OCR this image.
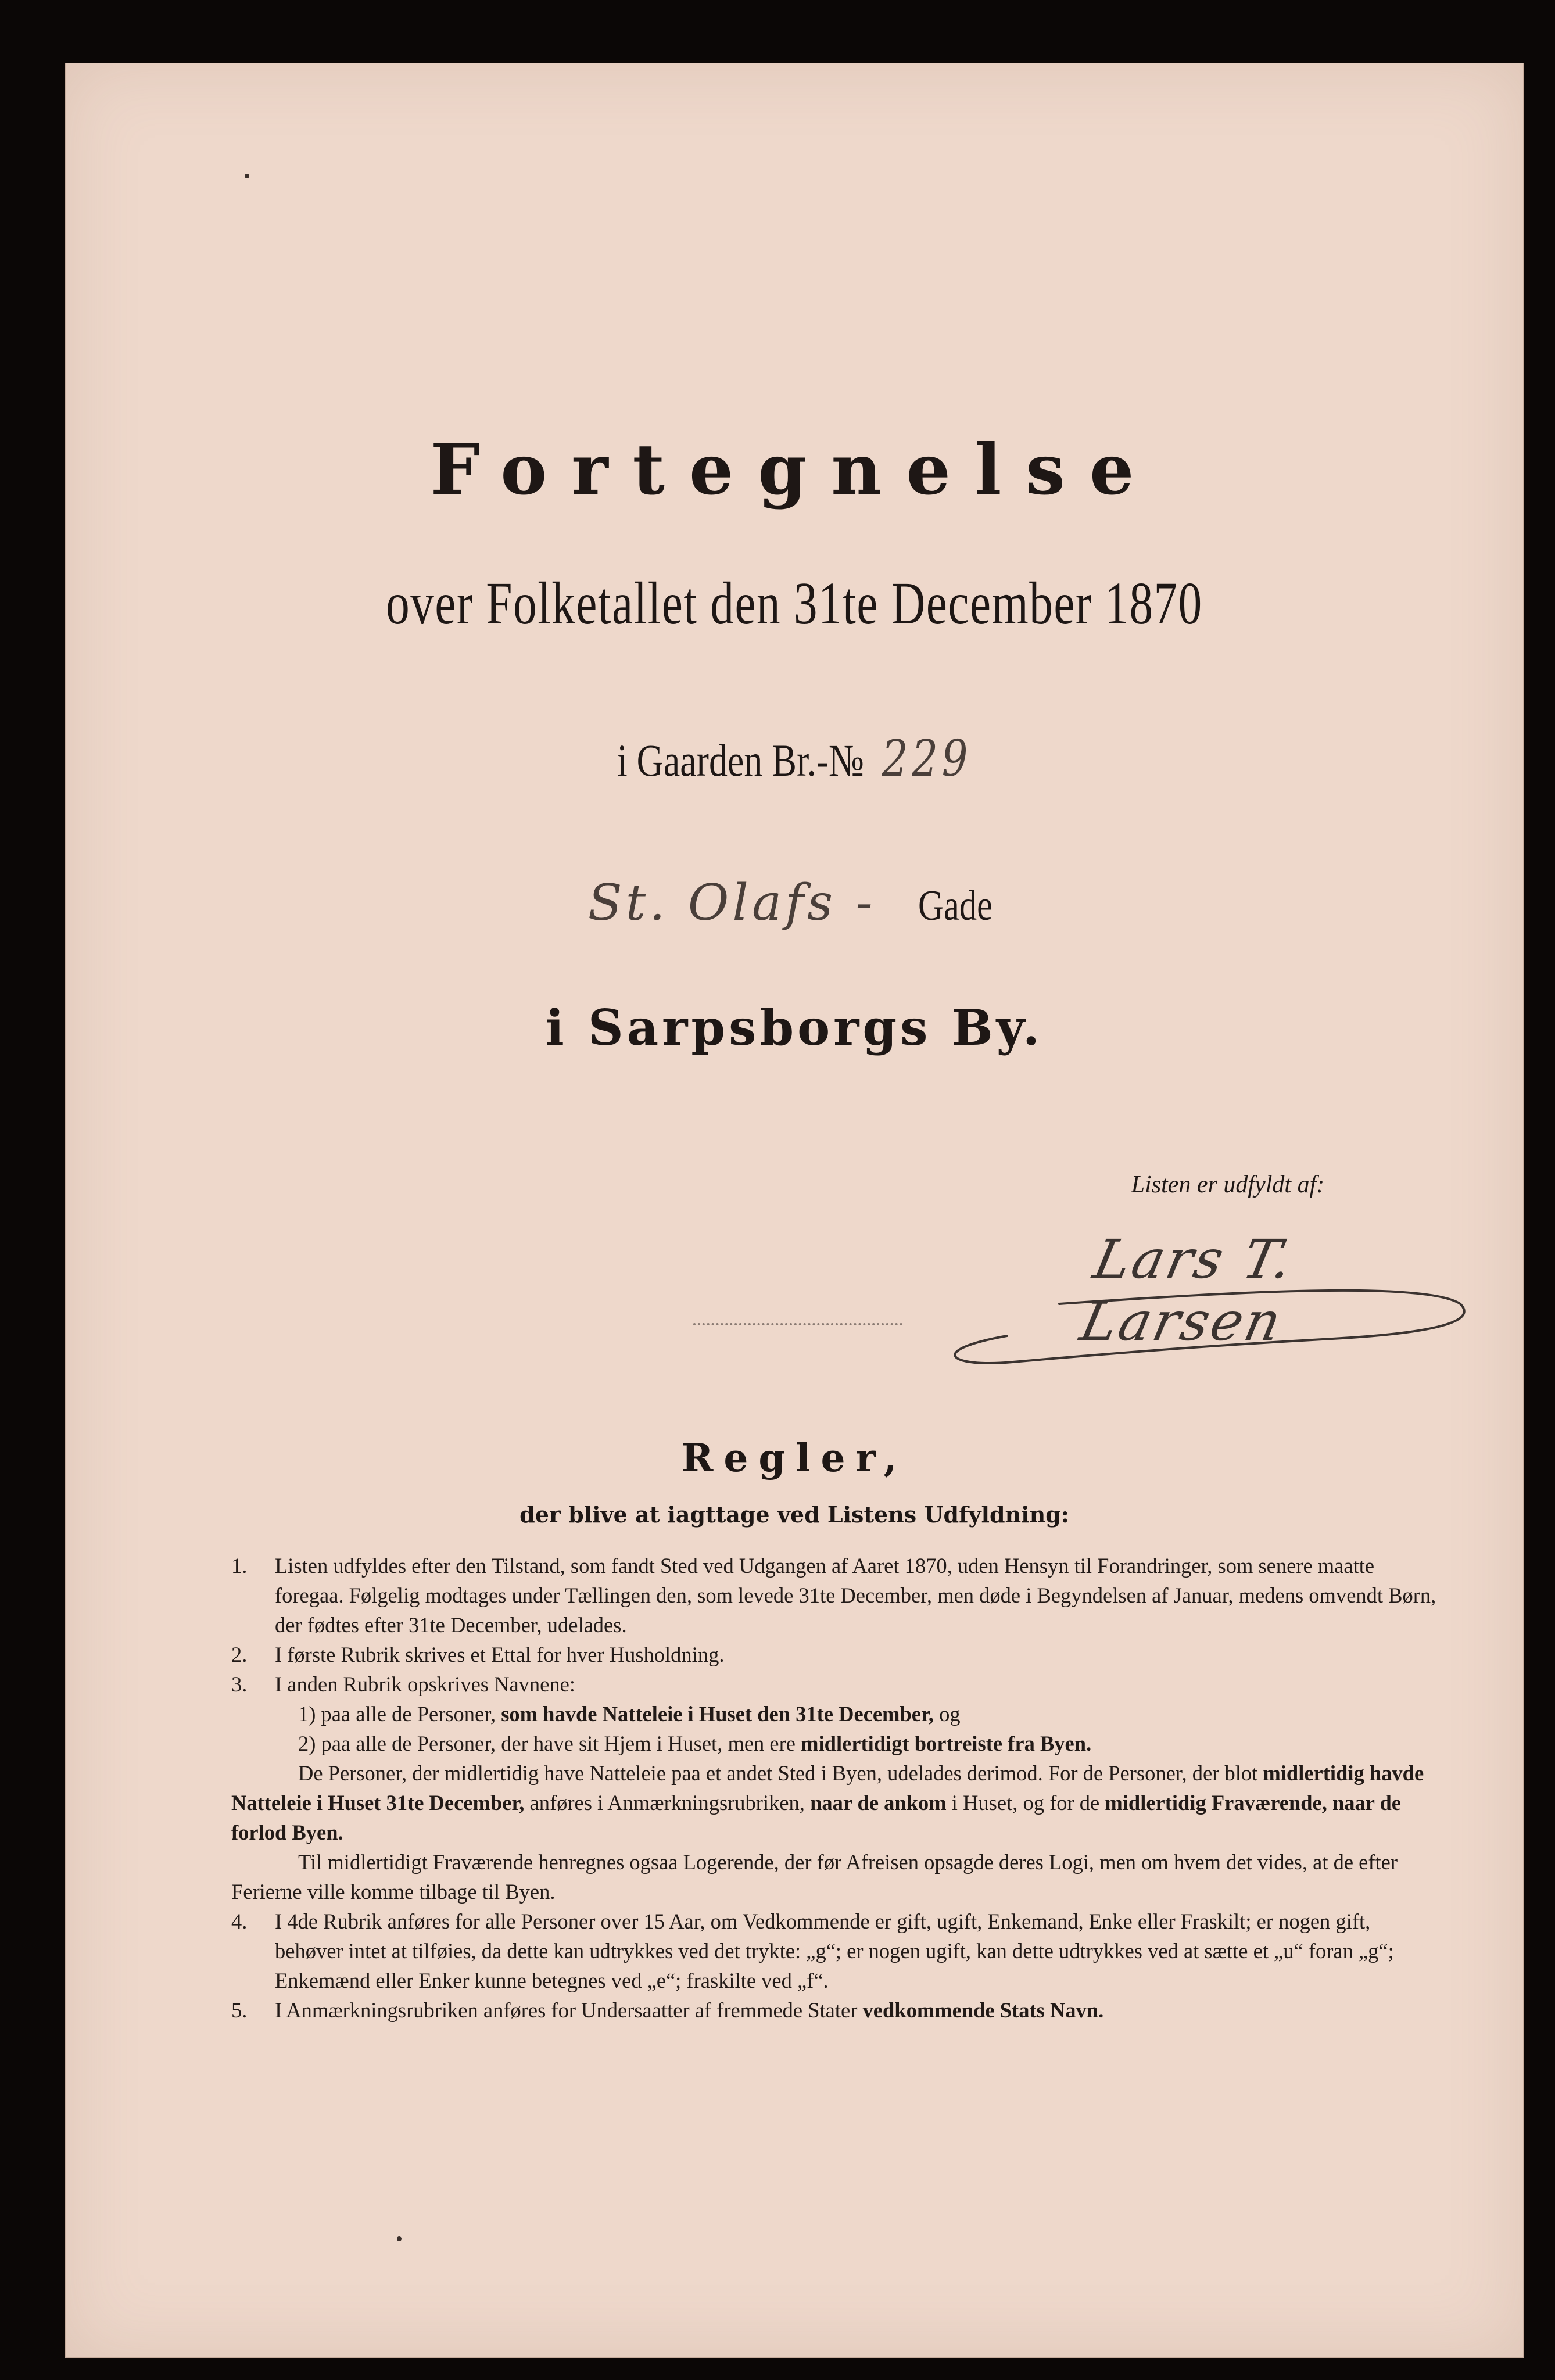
Fortegnelse
over Folketallet den 31te December 1870
i Gaarden Br.-№ 229
St. Olafs - Gade
i Sarpsborgs By.
Listen er udfyldt af:
Lars T. Larsen
Regler,
der blive at iagttage ved Listens Udfyldning:

1.	Listen udfyldes efter den Tilstand, som fandt Sted ved Udgangen af Aaret 1870, uden Hensyn til Forandringer, som senere maatte foregaa. Følgelig modtages under Tællingen den, som levede 31te December, men døde i Begyndelsen af Januar, medens omvendt Børn, der fødtes efter 31te December, udelades.

2.	I første Rubrik skrives et Ettal for hver Husholdning.

3.	I anden Rubrik opskrives Navnene:

1) paa alle de Personer, som havde Natteleie i Huset den 31te December, og

2) paa alle de Personer, der have sit Hjem i Huset, men ere midlertidigt bortreiste fra Byen.

De Personer, der midlertidig have Natteleie paa et andet Sted i Byen, udelades derimod. For de Personer, der blot midlertidig havde Natteleie i Huset 31te December, anføres i Anmærkningsrubriken, naar de ankom i Huset, og for de midlertidig Fraværende, naar de forlod Byen.

Til midlertidigt Fraværende henregnes ogsaa Logerende, der før Afreisen opsagde deres Logi, men om hvem det vides, at de efter Ferierne ville komme tilbage til Byen.

4.	I 4de Rubrik anføres for alle Personer over 15 Aar, om Vedkommende er gift, ugift, Enkemand, Enke eller Fraskilt; er nogen gift, behøver intet at tilføies, da dette kan udtrykkes ved det trykte: „g“; er nogen ugift, kan dette udtrykkes ved at sætte et „u“ foran „g“; Enkemænd eller Enker kunne betegnes ved „e“; fraskilte ved „f“.

5.	I Anmærkningsrubriken anføres for Undersaatter af fremmede Stater vedkommende Stats Navn.
